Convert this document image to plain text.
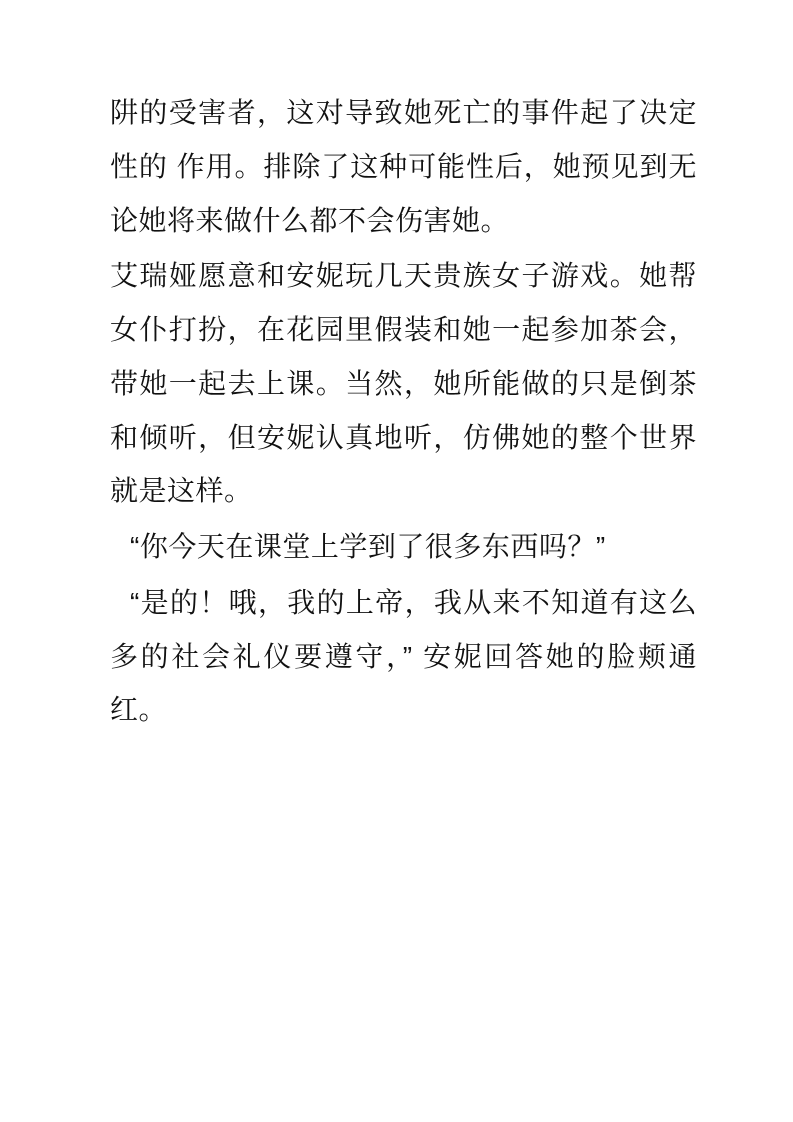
阱的受害者，这对导致她死亡的事件起了决定性的 作用。排除了这种可能性后，她预见到无论她将来做什么都不会伤害她。

艾瑞娅愿意和安妮玩几天贵族女子游戏。她帮女仆打扮，在花园里假装和她一起参加茶会， 带她一起去上课。当然，她所能做的只是倒茶和倾听，但安妮认真地听，仿佛她的整个世界 就是这样。

“你今天在课堂上学到了很多东西吗？”

“是的！哦，我的上帝，我从来不知道有这么多的社会礼仪要遵守，” 安妮回答她的脸颊通红。
